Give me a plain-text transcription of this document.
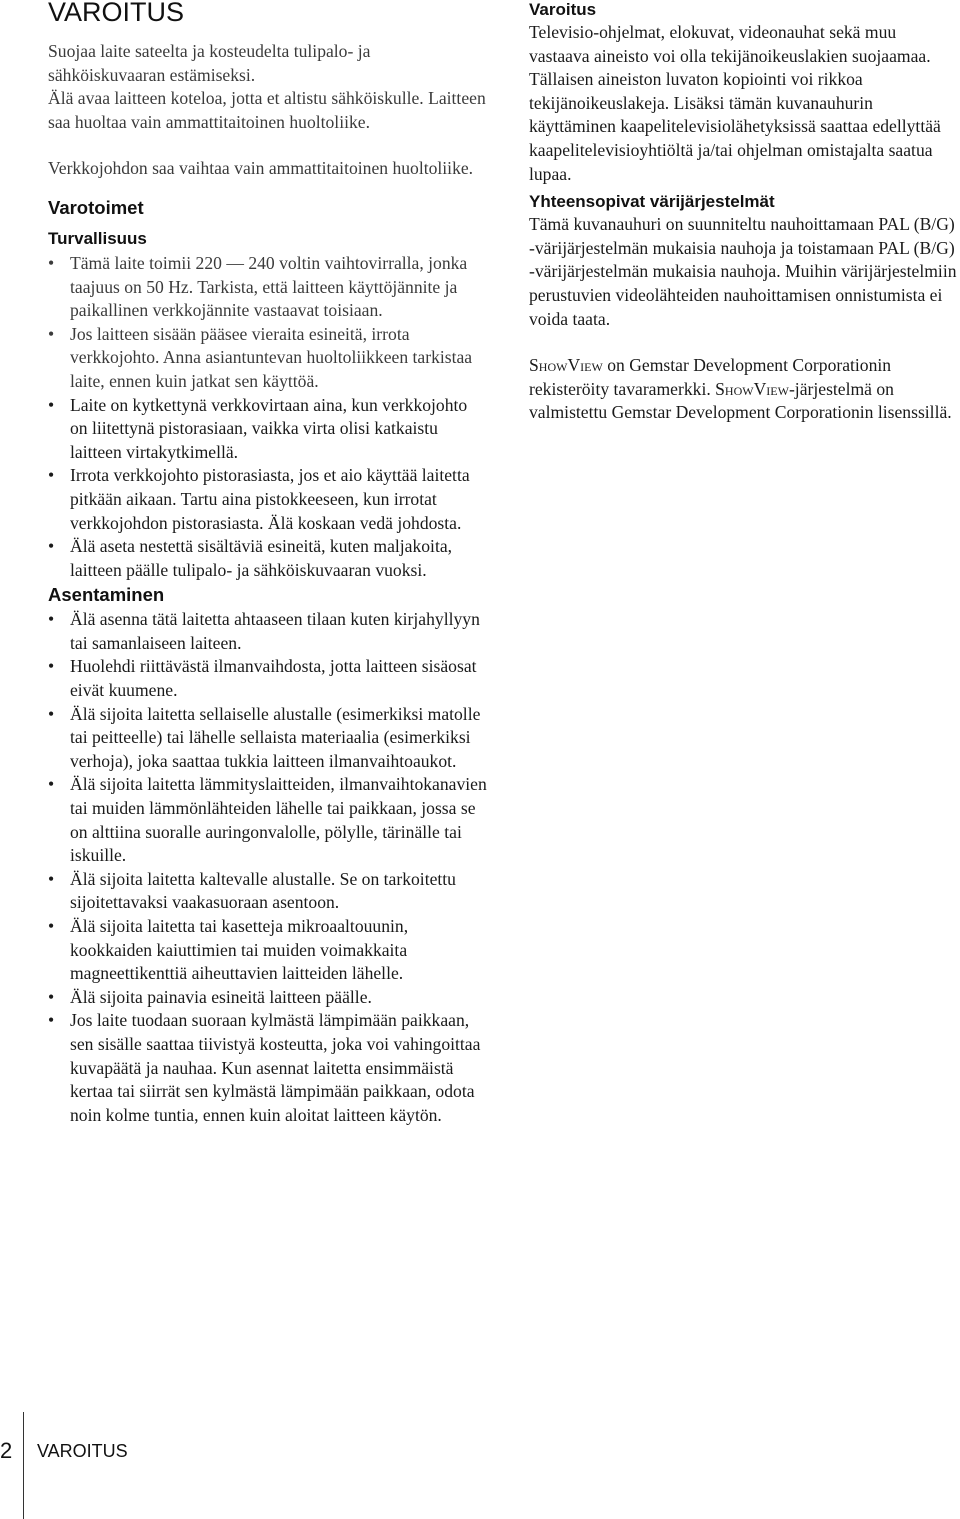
VAROITUS

Suojaa laite sateelta ja kosteudelta tulipalo- ja sähköiskuvaaran estämiseksi.

Älä avaa laitteen koteloa, jotta et altistu sähköiskulle. Laitteen saa huoltaa vain ammattitaitoinen huoltoliike.

Verkkojohdon saa vaihtaa vain ammattitaitoinen huoltoliike.

Varotoimet

Turvallisuus

• Tämä laite toimii 220 — 240 voltin vaihtovirralla, jonka taajuus on 50 Hz. Tarkista, että laitteen käyttöjännite ja paikallinen verkkojännite vastaavat toisiaan.
• Jos laitteen sisään pääsee vieraita esineitä, irrota verkkojohto. Anna asiantuntevan huoltoliikkeen tarkistaa laite, ennen kuin jatkat sen käyttöä.
• Laite on kytkettynä verkkovirtaan aina, kun verkkojohto on liitettynä pistorasiaan, vaikka virta olisi katkaistu laitteen virtakytkimellä.
• Irrota verkkojohto pistorasiasta, jos et aio käyttää laitetta pitkään aikaan. Tartu aina pistokkeeseen, kun irrotat verkkojohdon pistorasiasta. Älä koskaan vedä johdosta.
• Älä aseta nestettä sisältäviä esineitä, kuten maljakoita, laitteen päälle tulipalo- ja sähköiskuvaaran vuoksi.

Asentaminen

• Älä asenna tätä laitetta ahtaaseen tilaan kuten kirjahyllyyn tai samanlaiseen laiteen.
• Huolehdi riittävästä ilmanvaihdosta, jotta laitteen sisäosat eivät kuumene.
• Älä sijoita laitetta sellaiselle alustalle (esimerkiksi matolle tai peitteelle) tai lähelle sellaista materiaalia (esimerkiksi verhoja), joka saattaa tukkia laitteen ilmanvaihtoaukot.
• Älä sijoita laitetta lämmityslaitteiden, ilmanvaihtokanavien tai muiden lämmönlähteiden lähelle tai paikkaan, jossa se on alttiina suoralle auringonvalolle, pölylle, tärinälle tai iskuille.
• Älä sijoita laitetta kaltevalle alustalle. Se on tarkoitettu sijoitettavaksi vaakasuoraan asentoon.
• Älä sijoita laitetta tai kasetteja mikroaaltouunin, kookkaiden kaiuttimien tai muiden voimakkaita magneettikenttiä aiheuttavien laitteiden lähelle.
• Älä sijoita painavia esineitä laitteen päälle.
• Jos laite tuodaan suoraan kylmästä lämpimään paikkaan, sen sisälle saattaa tiivistyä kosteutta, joka voi vahingoittaa kuvapäätä ja nauhaa. Kun asennat laitetta ensimmäistä kertaa tai siirrät sen kylmästä lämpimään paikkaan, odota noin kolme tuntia, ennen kuin aloitat laitteen käytön.

Varoitus

Televisio-ohjelmat, elokuvat, videonauhat sekä muu vastaava aineisto voi olla tekijänoikeuslakien suojaamaa. Tällaisen aineiston luvaton kopiointi voi rikkoa tekijänoikeuslakeja. Lisäksi tämän kuvanauhurin käyttäminen kaapelitelevisiolähetyksissä saattaa edellyttää kaapelitelevisioyhtiöltä ja/tai ohjelman omistajalta saatua lupaa.

Yhteensopivat värijärjestelmät

Tämä kuvanauhuri on suunniteltu nauhoittamaan PAL (B/G) -värijärjestelmän mukaisia nauhoja ja toistamaan PAL (B/G) -värijärjestelmän mukaisia nauhoja. Muihin värijärjestelmiin perustuvien videolähteiden nauhoittamisen onnistumista ei voida taata.

ShowView on Gemstar Development Corporationin rekisteröity tavaramerkki. ShowView-järjestelmä on valmistettu Gemstar Development Corporationin lisenssillä.

2 VAROITUS
